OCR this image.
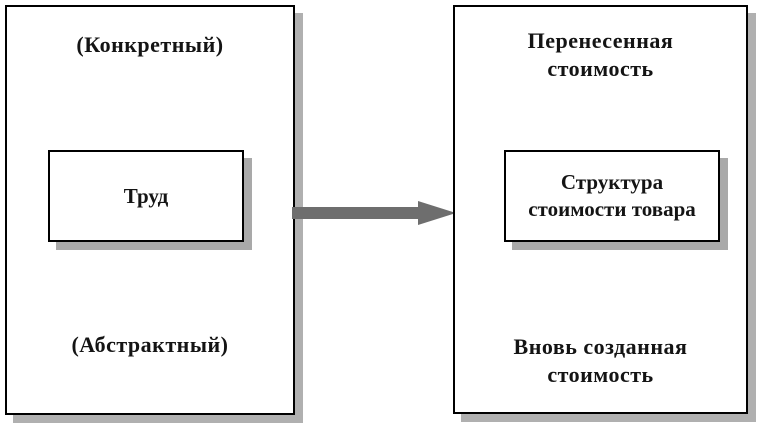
(Конкретный)
Труд
(Абстрактный)
Перенесенная стоимость
Структура стоимости товара
Вновь созданная стоимость
